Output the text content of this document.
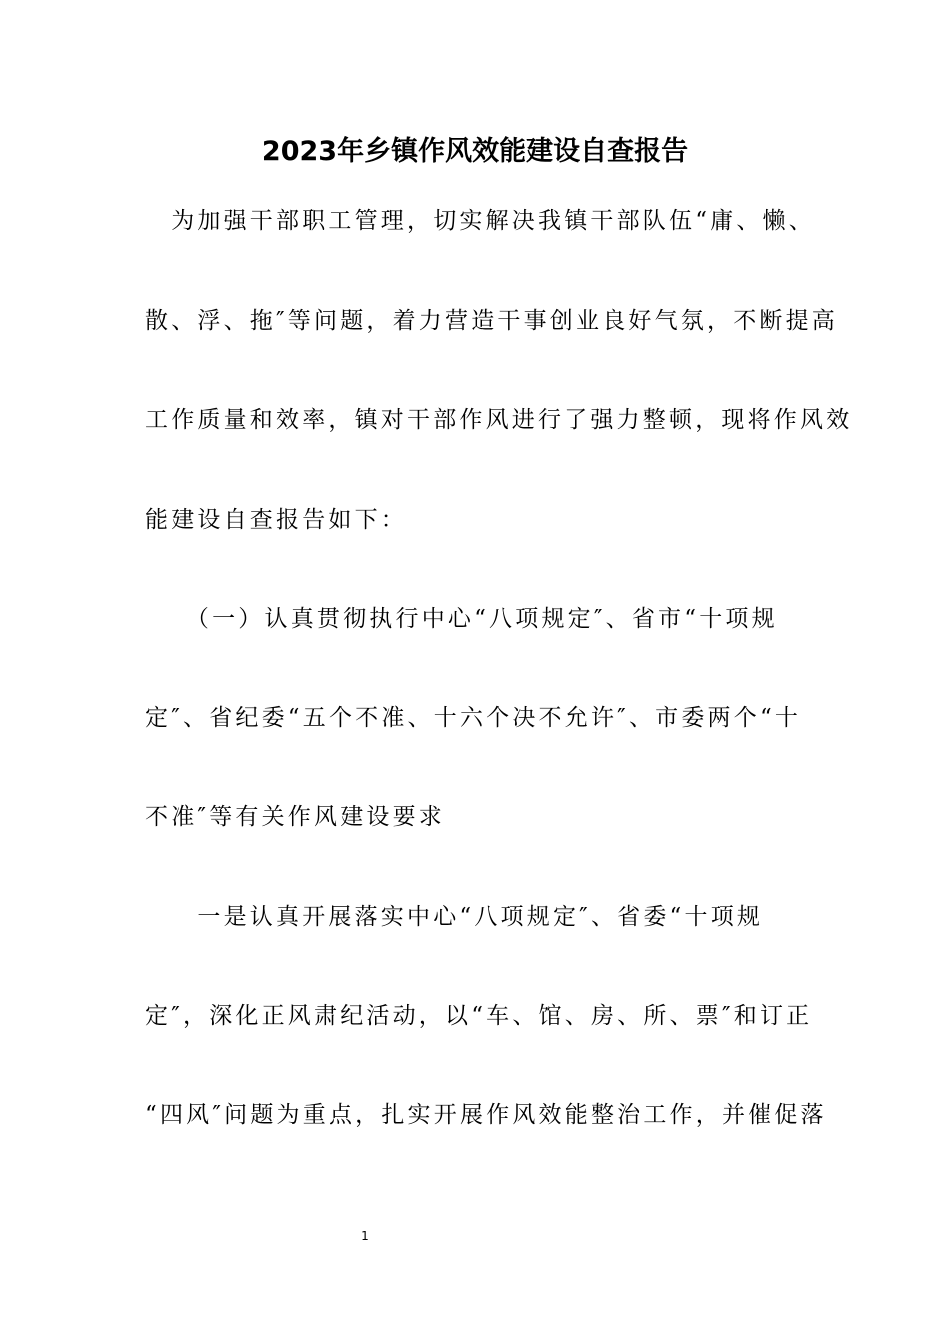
2023年乡镇作风效能建设自查报告
　为加强干部职工管理，切实解决我镇干部队伍“庸、懒、
散、浮、拖″等问题，着力营造干事创业良好气氛，不断提高
工作质量和效率，镇对干部作风进行了强力整顿，现将作风效
能建设自查报告如下：
　　（一）认真贯彻执行中心“八项规定″、省市“十项规
定″、省纪委“五个不准、十六个决不允许″、市委两个“十
不准″等有关作风建设要求
　　一是认真开展落实中心“八项规定″、省委“十项规
定″，深化正风肃纪活动，以“车、馆、房、所、票″和订正
“四风″问题为重点，扎实开展作风效能整治工作，并催促落
1
